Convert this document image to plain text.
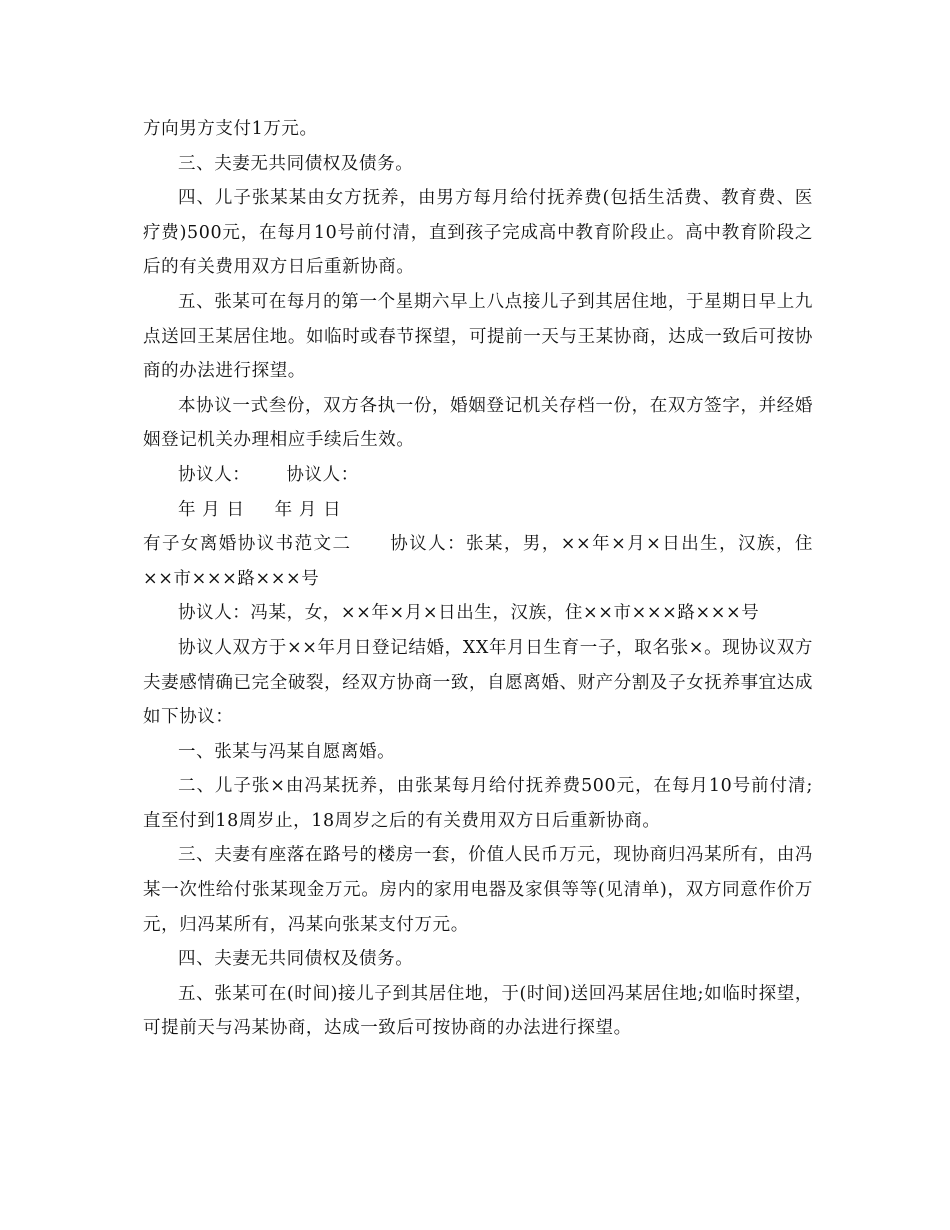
方向男方支付1万元。

三、夫妻无共同债权及债务。

四、儿子张某某由女方抚养，由男方每月给付抚养费(包括生活费、教育费、医疗费)500元，在每月10号前付清，直到孩子完成高中教育阶段止。高中教育阶段之后的有关费用双方日后重新协商。

五、张某可在每月的第一个星期六早上八点接儿子到其居住地，于星期日早上九点送回王某居住地。如临时或春节探望，可提前一天与王某协商，达成一致后可按协商的办法进行探望。

本协议一式叁份，双方各执一份，婚姻登记机关存档一份，在双方签字，并经婚姻登记机关办理相应手续后生效。

协议人： 协议人：

年 月 日 年 月 日

有子女离婚协议书范文二 协议人：张某，男，××年×月×日出生，汉族，住××市×××路×××号

协议人：冯某，女，××年×月×日出生，汉族，住××市×××路×××号

协议人双方于××年月日登记结婚，XX年月日生育一子，取名张×。现协议双方夫妻感情确已完全破裂，经双方协商一致，自愿离婚、财产分割及子女抚养事宜达成如下协议：

一、张某与冯某自愿离婚。

二、儿子张×由冯某抚养，由张某每月给付抚养费500元，在每月10号前付清;直至付到18周岁止，18周岁之后的有关费用双方日后重新协商。

三、夫妻有座落在路号的楼房一套，价值人民币万元，现协商归冯某所有，由冯某一次性给付张某现金万元。房内的家用电器及家俱等等(见清单)，双方同意作价万元，归冯某所有，冯某向张某支付万元。

四、夫妻无共同债权及债务。

五、张某可在(时间)接儿子到其居住地，于(时间)送回冯某居住地;如临时探望，可提前天与冯某协商，达成一致后可按协商的办法进行探望。
